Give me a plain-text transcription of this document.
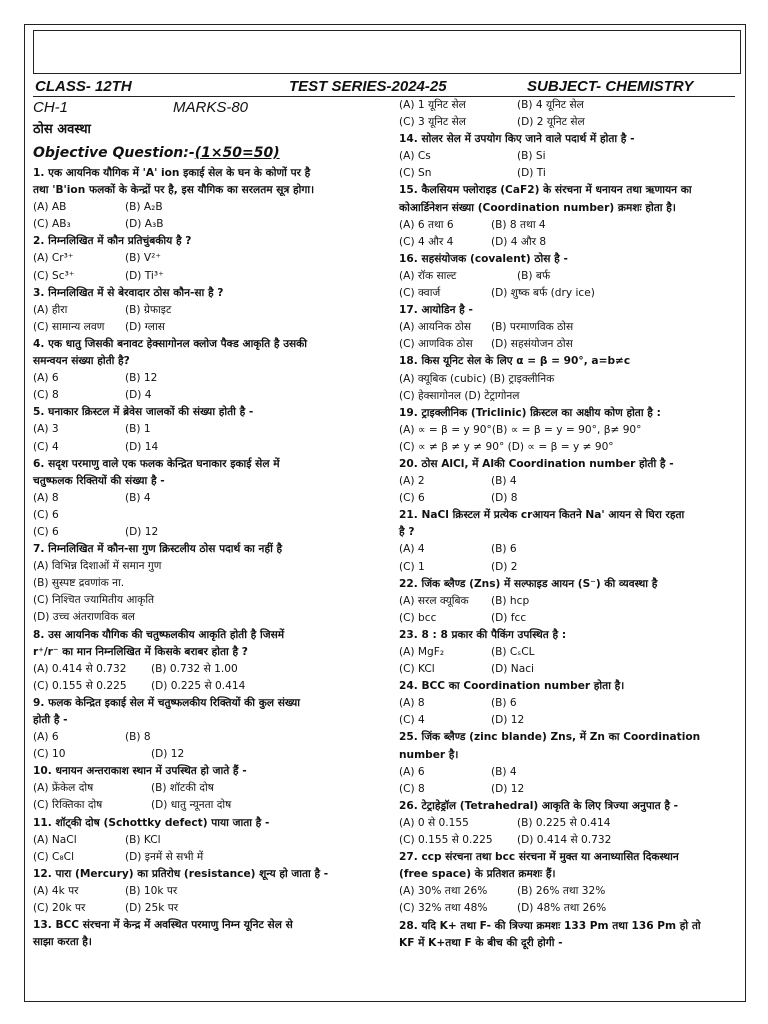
CLASS- 12TH	TEST SERIES-2024-25	SUBJECT- CHEMISTRY
CH-1	MARKS-80
ठोस अवस्था
Objective Question:-(1×50=50)
1. एक आयनिक यौगिक में 'A' ion इकाई सेल के घन के कोणों पर है
तथा 'B'ion फलकों के केन्द्रों पर है, इस यौगिक का सरलतम सूत्र होगा।
(A) AB	(B) A₂B
(C) AB₃	(D) A₃B
2. निम्नलिखित में कौन प्रतिचुंबकीय है ?
(A) Cr³⁺	(B) V²⁺
(C) Sc³⁺	(D) Ti³⁺
3. निम्नलिखित में से बेरवादार ठोस कौन-सा है ?
(A) हीरा	(B) ग्रेफाइट
(C) सामान्य लवण (D) ग्लास
4. एक धातु जिसकी बनावट हेक्सागोनल क्लोज पैक्ड आकृति है उसकी
समन्वयन संख्या होती है?
(A) 6	(B) 12
(C) 8	(D) 4
5. घनाकार क्रिस्टल में ब्रेवेस जालकों की संख्या होती है -
(A) 3	(B) 1
(C) 4	(D) 14
6. सदृश परमाणु वाले एक फलक केन्द्रित घनाकार इकाई सेल में
चतुष्फलक रिक्तियों की संख्या है -
(A) 8	(B) 4
(C) 6
(C) 6	(D) 12
7. निम्नलिखित में कौन-सा गुण क्रिस्टलीय ठोस पदार्थ का नहीं है
(A) विभिन्न दिशाओं में समान गुण
(B) सुस्पष्ट द्रवणांक ना.
(C) निश्चित ज्यामितीय आकृति
(D) उच्च अंतराणविक बल
8. उस आयनिक यौगिक की चतुष्फलकीय आकृति होती है जिसमें
r⁺/r⁻ का मान निम्नलिखित में किसके बराबर होता है ?
(A) 0.414 से 0.732 (B) 0.732 से 1.00
(C) 0.155 से 0.225 (D) 0.225 से 0.414
9. फलक केन्द्रित इकाई सेल में चतुष्फलकीय रिक्तियों की कुल संख्या
होती है -
(A) 6	(B) 8
(C) 10	(D) 12
10. धनायन अन्तराकाश स्थान में उपस्थित हो जाते हैं -
(A) फ्रेंकेल दोष	(B) शॉटकी दोष
(C) रिक्तिका दोष	(D) धातु न्यूनता दोष
11. शॉट्‌की दोष (Schottky defect) पाया जाता है -
(A) NaCl	(B) KCl
(C) C₈Cl	(D) इनमें से सभी में
12. पारा (Mercury) का प्रतिरोध (resistance) शून्य हो जाता है -
(A) 4k पर	(B) 10k पर
(C) 20k पर	(D) 25k पर
13. BCC संरचना में केन्द्र में अवस्थित परमाणु निम्न यूनिट सेल से
साझा करता है।
(A) 1 यूनिट सेल	(B) 4 यूनिट सेल
(C) 3 यूनिट सेल	(D) 2 यूनिट सेल
14. सोलर सेल में उपयोग किए जाने वाले पदार्थ में होता है -
(A) Cs	(B) Si
(C) Sn	(D) Ti
15. कैलसियम फ्लोराइड (CaF2) के संरचना में धनायन तथा ऋणायन का
कोआर्डिनेशन संख्या (Coordination number) क्रमशः होता है।
(A) 6 तथा 6	(B) 8 तथा 4
(C) 4 और 4	(D) 4 और 8
16. सहसंयोजक (covalent) ठोस है -
(A) रॉक साल्ट	(B) बर्फ
(C) क्वार्ज	(D) शुष्क बर्फ (dry ice)
17. आयोडिन है -
(A) आयनिक ठोस (B) परमाणविक ठोस
(C) आणविक ठोस (D) सहसंयोजन ठोस
18. किस यूनिट सेल के लिए α = β = 90°, a=b≠c
(A) क्यूबिक (cubic) (B) ट्राइक्लीनिक
(C) हेक्सागोनल (D) टेट्रागोनल
19. ट्राइक्लीनिक (Triclinic) क्रिस्टल का अक्षीय कोण होता है :
(A) ∝ = β = y 90°(B) ∝ = β = y = 90°, β≠ 90°
(C) ∝ ≠ β ≠ y ≠ 90° (D) ∝ = β = y ≠ 90°
20. ठोस AlCl, में Alकी Coordination number होती है -
(A) 2	(B) 4
(C) 6	(D) 8
21. NaCl क्रिस्टल में प्रत्येक crआयन कितने Na' आयन से घिरा रहता
है ?
(A) 4	(B) 6
(C) 1	(D) 2
22. जिंक ब्लैण्ड (Zns) में सल्फाइड आयन (S⁻) की व्यवस्था है
(A) सरल क्यूबिक (B) hcp
(C) bcc	(D) fcc
23. 8 : 8 प्रकार की पैकिंग उपस्थित है :
(A) MgF₂	(B) CₛCL
(C) KCl	(D) Naci
24. BCC का Coordination number होता है।
(A) 8	(B) 6
(C) 4	(D) 12
25. जिंक ब्लैण्ड (zinc blande) Zns, में Zn का Coordination
number है।
(A) 6	(B) 4
(C) 8	(D) 12
26. टेट्राहेड्रॉल (Tetrahedral) आकृति के लिए त्रिज्या अनुपात है -
(A) 0 से 0.155	(B) 0.225 से 0.414
(C) 0.155 से 0.225 (D) 0.414 से 0.732
27. ccp संरचना तथा bcc संरचना में मुक्त या अनाध्यासित दिकस्थान
(free space) के प्रतिशत क्रमशः हैं।
(A) 30% तथा 26%	(B) 26% तथा 32%
(C) 32% तथा 48%	(D) 48% तथा 26%
28. यदि K+ तथा F- की त्रिज्या क्रमशः 133 Pm तथा 136 Pm हो तो
KF में K+तथा F के बीच की दूरी होगी -
